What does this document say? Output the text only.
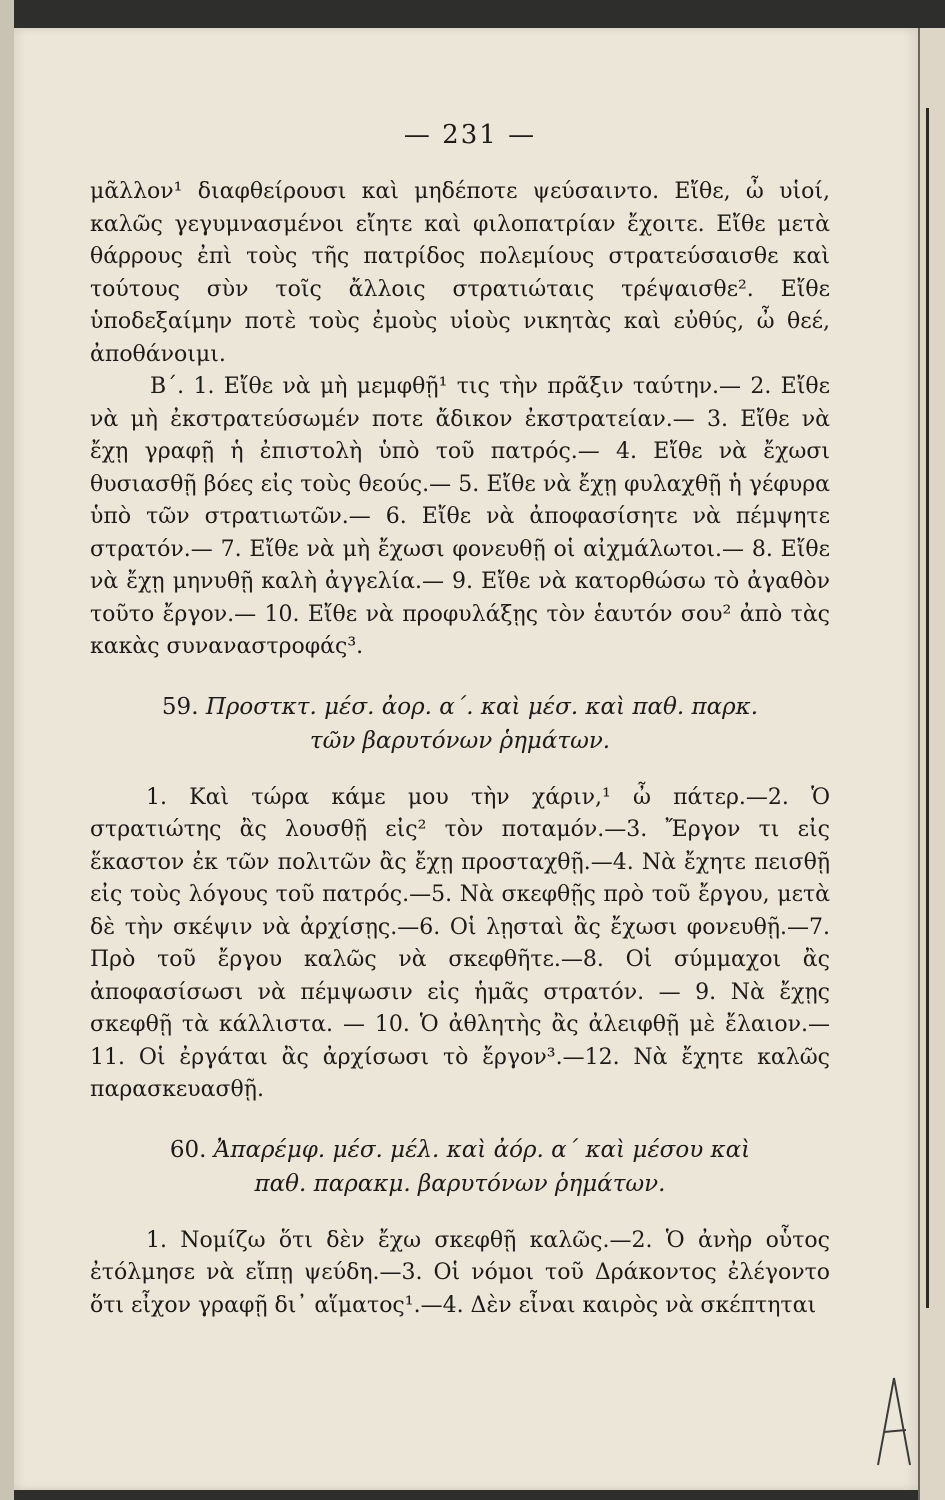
— 231 —

μᾶλλον¹ διαφθείρουσι καὶ μηδέποτε ψεύσαιντο. Εἴθε, ὦ υἱοί, καλῶς γεγυμνασμένοι εἴητε καὶ φιλοπατρίαν ἔχοιτε. Εἴθε μετὰ θάρρους ἐπὶ τοὺς τῆς πατρίδος πολεμίους στρατεύσαισθε καὶ τούτους σὺν τοῖς ἄλλοις στρατιώταις τρέψαισθε². Εἴθε ὑποδεξαίμην ποτὲ τοὺς ἐμοὺς υἱοὺς νικητὰς καὶ εὐθύς, ὦ θεέ, ἀποθάνοιμι.

Β΄. 1. Εἴθε νὰ μὴ μεμφθῇ¹ τις τὴν πρᾶξιν ταύτην.— 2. Εἴθε νὰ μὴ ἐκστρατεύσωμέν ποτε ἄδικον ἐκστρατείαν.— 3. Εἴθε νὰ ἔχῃ γραφῇ ἡ ἐπιστολὴ ὑπὸ τοῦ πατρός.— 4. Εἴθε νὰ ἔχωσι θυσιασθῇ βόες εἰς τοὺς θεούς.— 5. Εἴθε νὰ ἔχῃ φυλαχθῇ ἡ γέφυρα ὑπὸ τῶν στρατιωτῶν.— 6. Εἴθε νὰ ἀποφασίσητε νὰ πέμψητε στρατόν.— 7. Εἴθε νὰ μὴ ἔχωσι φονευθῇ οἱ αἰχμάλωτοι.— 8. Εἴθε νὰ ἔχῃ μηνυθῇ καλὴ ἀγγελία.— 9. Εἴθε νὰ κατορθώσω τὸ ἀγαθὸν τοῦτο ἔργον.— 10. Εἴθε νὰ προφυλάξῃς τὸν ἑαυτόν σου² ἀπὸ τὰς κακὰς συναναστροφάς³.

59. Προστκτ. μέσ. ἀορ. α΄. καὶ μέσ. καὶ παθ. παρκ.
τῶν βαρυτόνων ῥημάτων.

1. Καὶ τώρα κάμε μου τὴν χάριν,¹ ὦ πάτερ.—2. Ὁ στρατιώτης ἂς λουσθῇ εἰς² τὸν ποταμόν.—3. Ἔργον τι εἰς ἕκαστον ἐκ τῶν πολιτῶν ἂς ἔχῃ προσταχθῇ.—4. Νὰ ἔχητε πεισθῇ εἰς τοὺς λόγους τοῦ πατρός.—5. Νὰ σκεφθῇς πρὸ τοῦ ἔργου, μετὰ δὲ τὴν σκέψιν νὰ ἀρχίσῃς.—6. Οἱ λῃσταὶ ἂς ἔχωσι φονευθῇ.—7. Πρὸ τοῦ ἔργου καλῶς νὰ σκεφθῆτε.—8. Οἱ σύμμαχοι ἂς ἀποφασίσωσι νὰ πέμψωσιν εἰς ἡμᾶς στρατόν. — 9. Νὰ ἔχῃς σκεφθῇ τὰ κάλλιστα. — 10. Ὁ ἀθλητὴς ἂς ἀλειφθῇ μὲ ἔλαιον.—11. Οἱ ἐργάται ἂς ἀρχίσωσι τὸ ἔργον³.—12. Νὰ ἔχητε καλῶς παρασκευασθῇ.

60. Ἀπαρέμφ. μέσ. μέλ. καὶ ἀόρ. α΄ καὶ μέσου καὶ
παθ. παρακμ. βαρυτόνων ῥημάτων.

1. Νομίζω ὅτι δὲν ἔχω σκεφθῇ καλῶς.—2. Ὁ ἀνὴρ οὗτος ἐτόλμησε νὰ εἴπῃ ψεύδη.—3. Οἱ νόμοι τοῦ Δράκοντος ἐλέγοντο ὅτι εἶχον γραφῇ δι᾽ αἵματος¹.—4. Δὲν εἶναι καιρὸς νὰ σκέπτηται
